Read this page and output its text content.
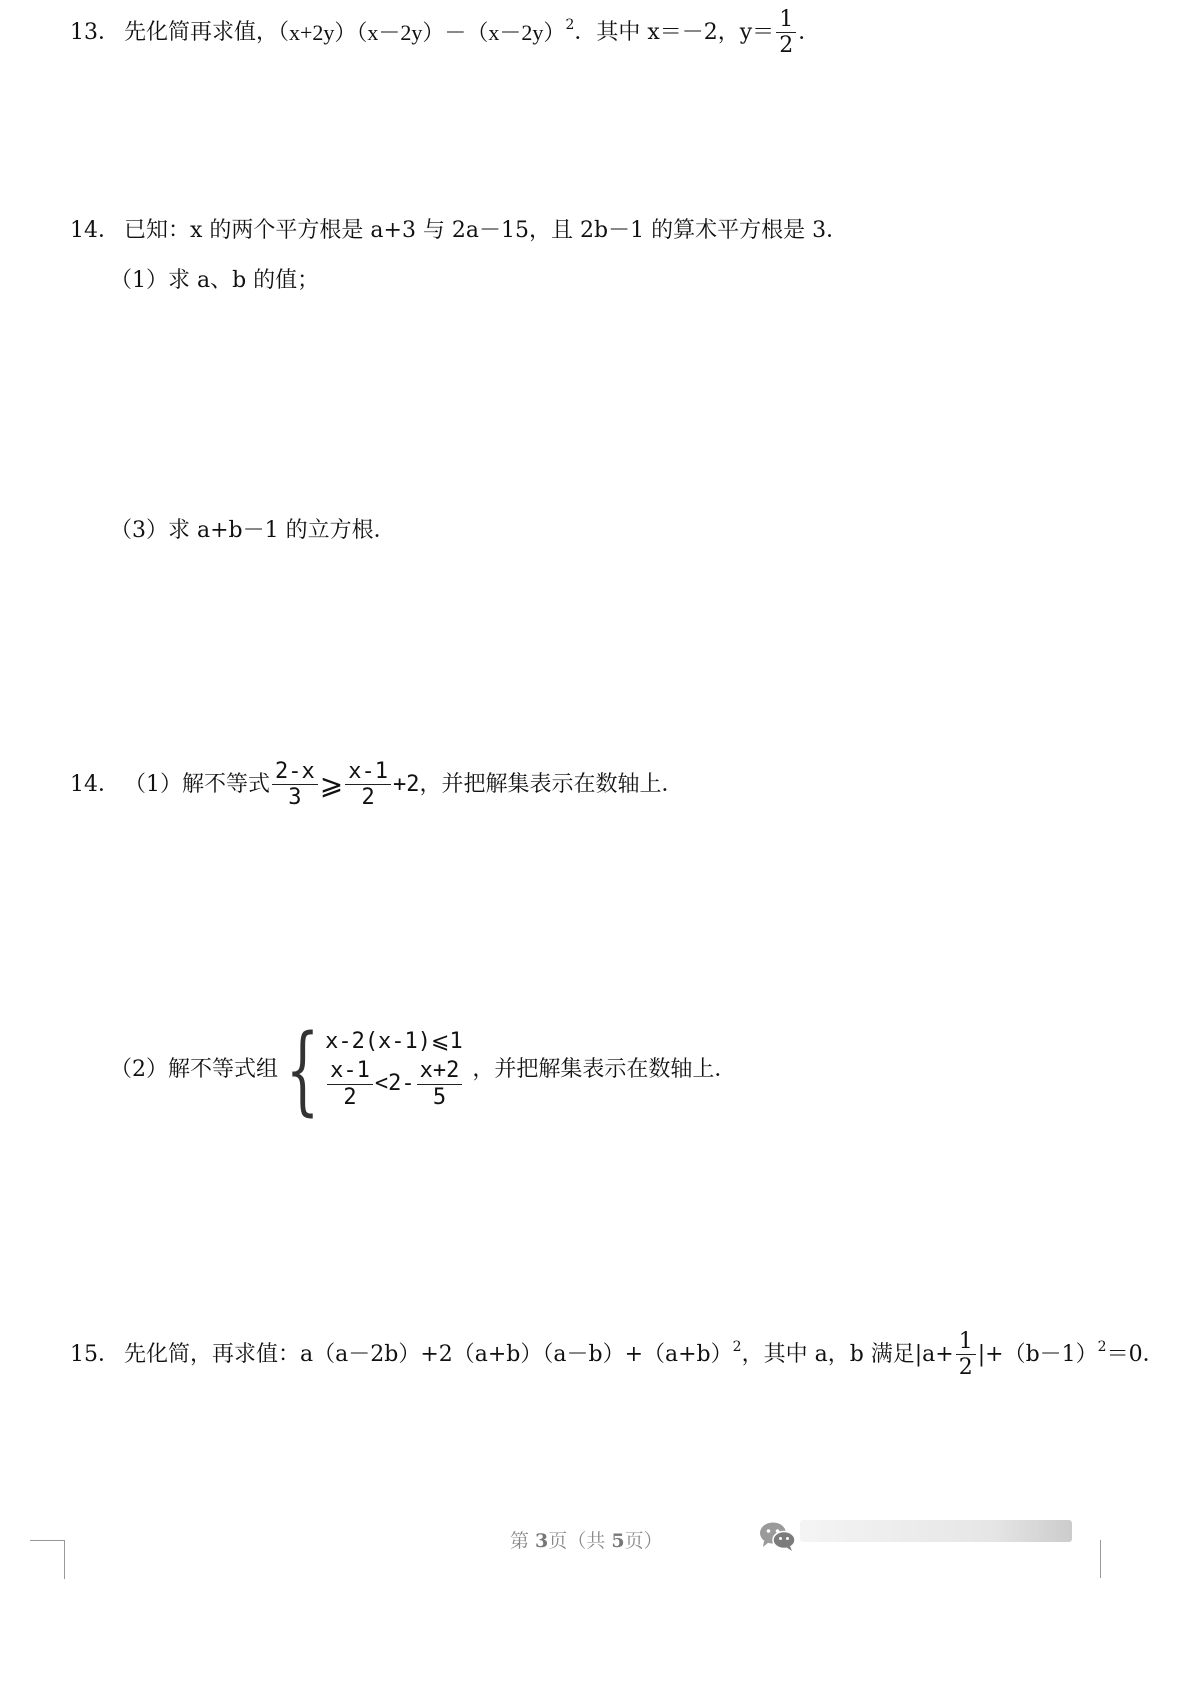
13． 先化简再求值，（ $x+2y)(x-2y)-(x-2y)^2$ ．其中 x＝－2，$y= \frac{1}{2}$ ．
14． 已知：x 的两个平方根是 a+3 与 2a－15，且 2b－1 的算术平方根是 3．
（1）求 a、b 的值；
（3）求 a+b－1 的立方根．
14． （1）解不等式 $\frac{2-x}{3}$ ⩾ $\frac{x-1}{2} +2$ ，并把解集表示在数轴上．
（2）解不等式组 { x-2(x-1)⩽1
$\frac{x-1}{2} <2- \frac{x+2}{5}$ ，并把解集表示在数轴上．
15． 先化简，再求值：$a(a-2b)+2(a+b)(a-b)+(a+b)^2$ ，其中 a，b 满足$|a+ \frac{1}{2} |+(b-1)^2 =0$．
第 3页（共 5页）
